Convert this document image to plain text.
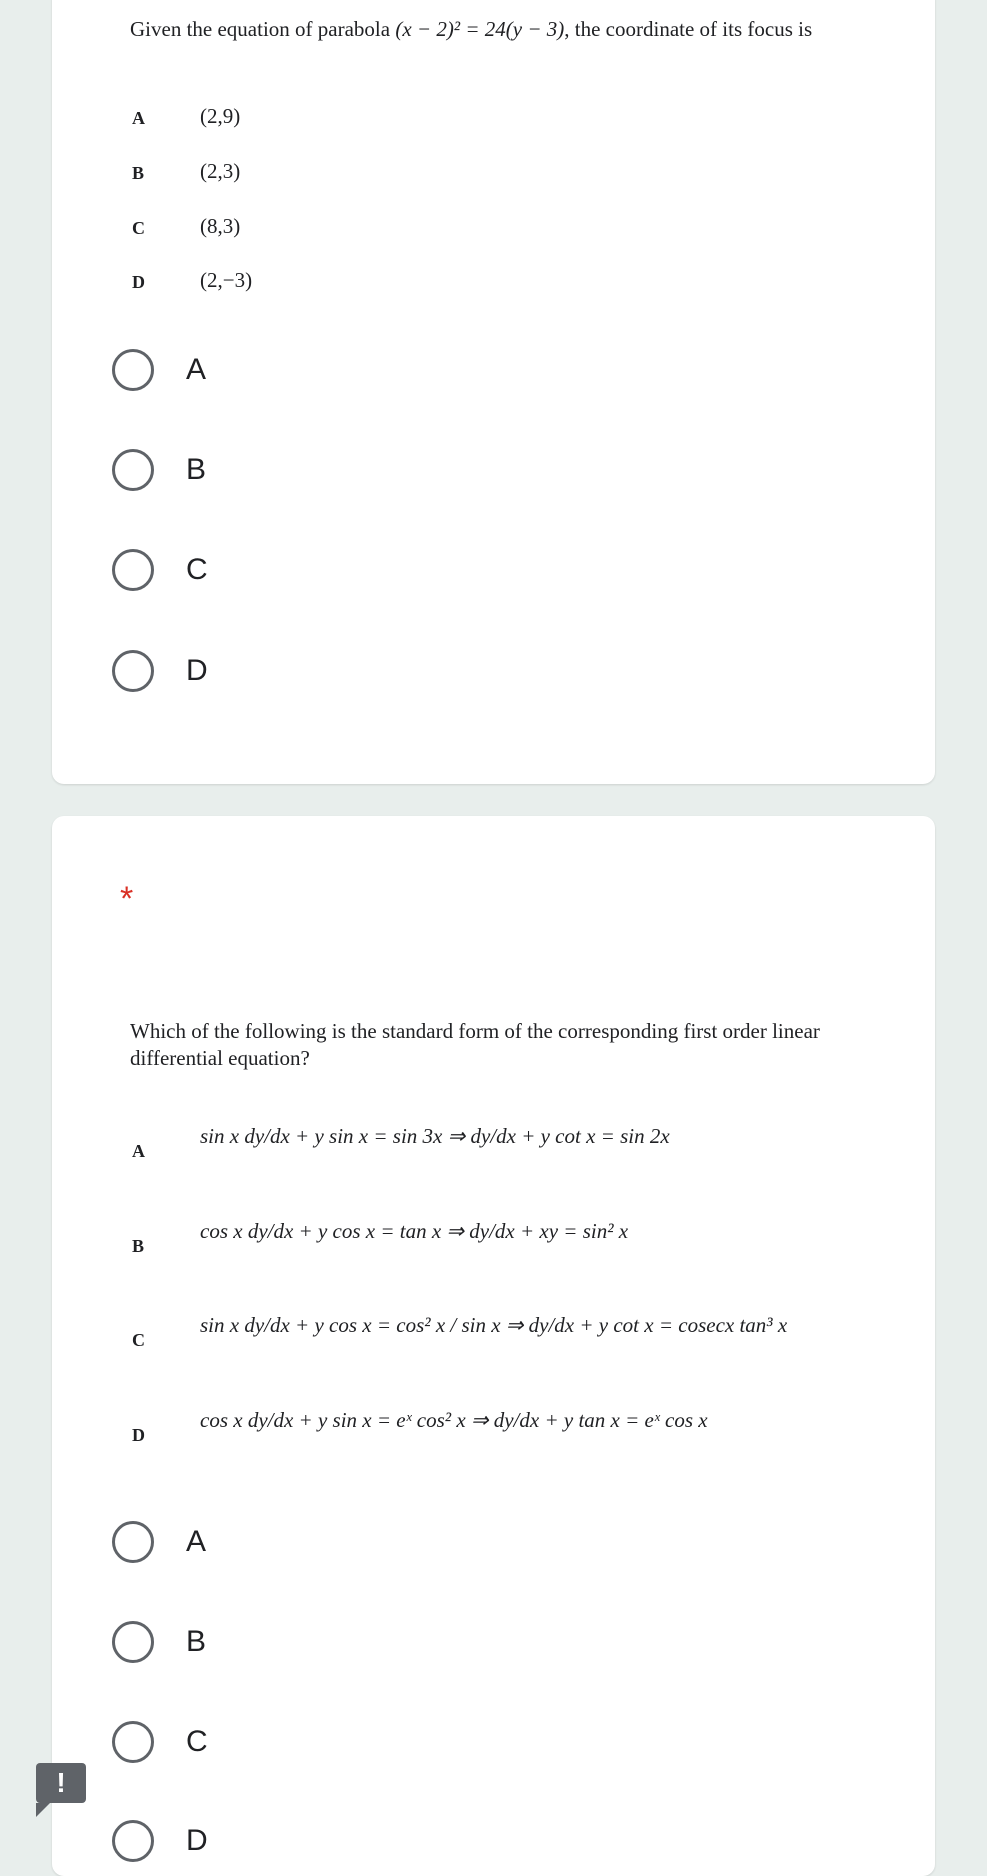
Given the equation of parabola (x − 2)² = 24(y − 3), the coordinate of its focus is
A	(2,9)
B	(2,3)
C	(8,3)
D	(2,−3)
A
B
C
D
*
Which of the following is the standard form of the corresponding first order linear
differential equation?
A
sin x dy/dx + y sin x = sin 3x ⇒ dy/dx + y cot x = sin 2x
B
cos x dy/dx + y cos x = tan x ⇒ dy/dx + xy = sin² x
C
sin x dy/dx + y cos x = cos² x / sin x ⇒ dy/dx + y cot x = cosecx tan³ x
D
cos x dy/dx + y sin x = eˣ cos² x ⇒ dy/dx + y tan x = eˣ cos x
A
B
C
D
!
